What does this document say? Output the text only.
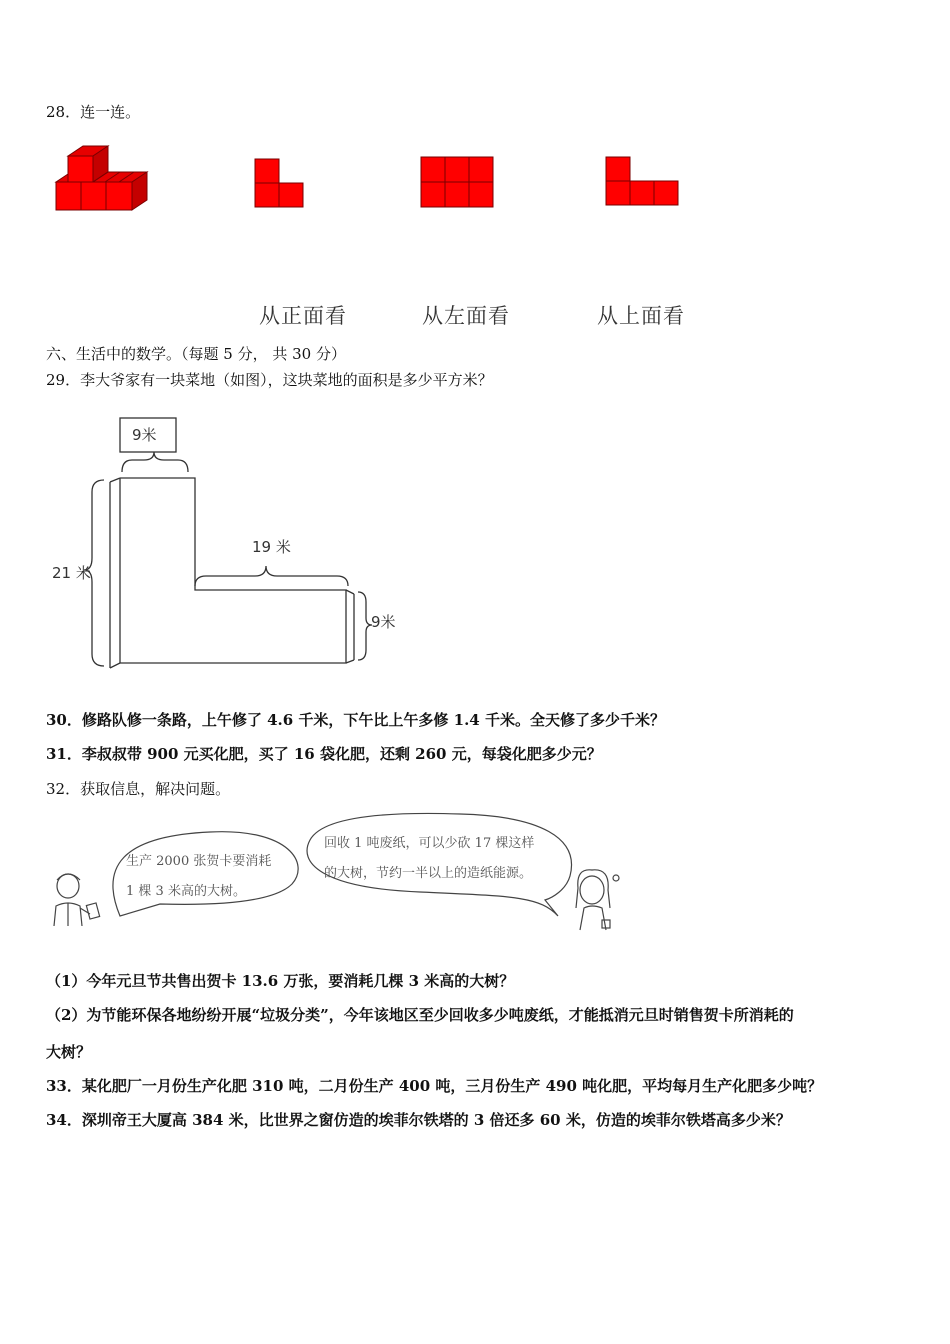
28．连一连。
从正面看	从左面看	从上面看
六、生活中的数学。（每题 5 分， 共 30 分）
29．李大爷家有一块菜地（如图），这块菜地的面积是多少平方米？
9米
21 米
19 米
9米
30．修路队修一条路，上午修了 4.6 千米，下午比上午多修 1.4 千米。全天修了多少千米？
31．李叔叔带 900 元买化肥，买了 16 袋化肥，还剩 260 元，每袋化肥多少元？
32．获取信息，解决问题。
生产 2000 张贺卡要消耗
1 棵 3 米高的大树。
回收 1 吨废纸，可以少砍 17 棵这样
的大树，节约一半以上的造纸能源。
（1）今年元旦节共售出贺卡 13.6 万张，要消耗几棵 3 米高的大树？
（2）为节能环保各地纷纷开展“垃圾分类”，今年该地区至少回收多少吨废纸，才能抵消元旦时销售贺卡所消耗的
大树？
33．某化肥厂一月份生产化肥 310 吨，二月份生产 400 吨，三月份生产 490 吨化肥，平均每月生产化肥多少吨？
34．深圳帝王大厦高 384 米，比世界之窗仿造的埃菲尔铁塔的 3 倍还多 60 米，仿造的埃菲尔铁塔高多少米？
